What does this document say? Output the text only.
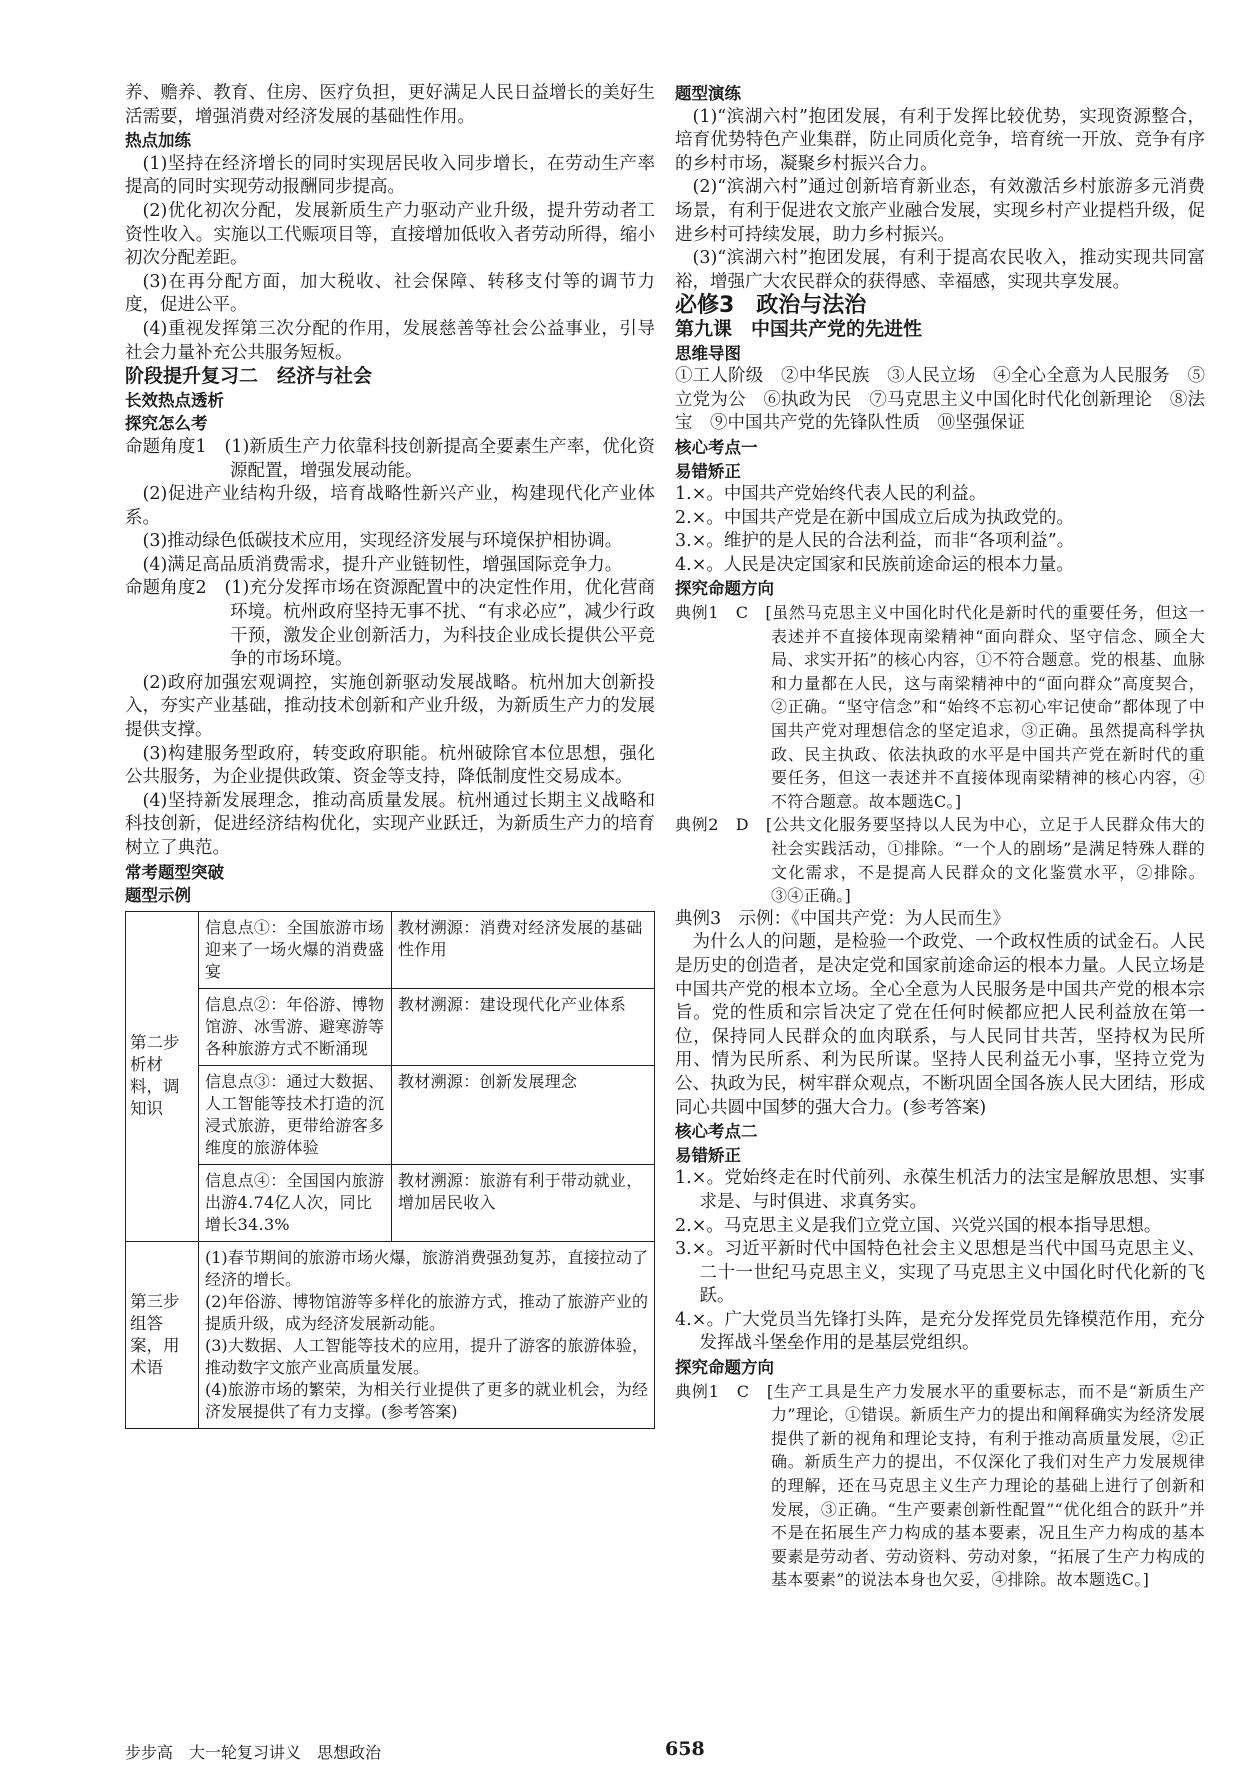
养、赡养、教育、住房、医疗负担，更好满足人民日益增长的美好生活需要，增强消费对经济发展的基础性作用。

热点加练

(1)坚持在经济增长的同时实现居民收入同步增长，在劳动生产率提高的同时实现劳动报酬同步提高。

(2)优化初次分配，发展新质生产力驱动产业升级，提升劳动者工资性收入。实施以工代赈项目等，直接增加低收入者劳动所得，缩小初次分配差距。

(3)在再分配方面，加大税收、社会保障、转移支付等的调节力度，促进公平。

(4)重视发挥第三次分配的作用，发展慈善等社会公益事业，引导社会力量补充公共服务短板。

阶段提升复习二　经济与社会

长效热点透析

探究怎么考

命题角度1　(1)新质生产力依靠科技创新提高全要素生产率，优化资源配置，增强发展动能。

(2)促进产业结构升级，培育战略性新兴产业，构建现代化产业体系。

(3)推动绿色低碳技术应用，实现经济发展与环境保护相协调。

(4)满足高品质消费需求，提升产业链韧性，增强国际竞争力。

命题角度2　(1)充分发挥市场在资源配置中的决定性作用，优化营商环境。杭州政府坚持无事不扰、“有求必应”，减少行政干预，激发企业创新活力，为科技企业成长提供公平竞争的市场环境。

(2)政府加强宏观调控，实施创新驱动发展战略。杭州加大创新投入，夯实产业基础，推动技术创新和产业升级，为新质生产力的发展提供支撑。

(3)构建服务型政府，转变政府职能。杭州破除官本位思想，强化公共服务，为企业提供政策、资金等支持，降低制度性交易成本。

(4)坚持新发展理念，推动高质量发展。杭州通过长期主义战略和科技创新，促进经济结构优化，实现产业跃迁，为新质生产力的培育树立了典范。

常考题型突破

题型示例

第二步析材料，调知识	信息点①：全国旅游市场迎来了一场火爆的消费盛宴	教材溯源：消费对经济发展的基础性作用
	信息点②：年俗游、博物馆游、冰雪游、避寒游等各种旅游方式不断涌现	教材溯源：建设现代化产业体系
	信息点③：通过大数据、人工智能等技术打造的沉浸式旅游，更带给游客多维度的旅游体验	教材溯源：创新发展理念
	信息点④：全国国内旅游出游4.74亿人次，同比增长34.3%	教材溯源：旅游有利于带动就业，增加居民收入
第三步组答案，用术语	(1)春节期间的旅游市场火爆，旅游消费强劲复苏，直接拉动了经济的增长。

(2)年俗游、博物馆游等多样化的旅游方式，推动了旅游产业的提质升级，成为经济发展新动能。

(3)大数据、人工智能等技术的应用，提升了游客的旅游体验，推动数字文旅产业高质量发展。

(4)旅游市场的繁荣，为相关行业提供了更多的就业机会，为经济发展提供了有力支撑。(参考答案)	

题型演练

(1)“滨湖六村”抱团发展，有利于发挥比较优势，实现资源整合，培育优势特色产业集群，防止同质化竞争，培育统一开放、竞争有序的乡村市场，凝聚乡村振兴合力。

(2)“滨湖六村”通过创新培育新业态，有效激活乡村旅游多元消费场景，有利于促进农文旅产业融合发展，实现乡村产业提档升级，促进乡村可持续发展，助力乡村振兴。

(3)“滨湖六村”抱团发展，有利于提高农民收入，推动实现共同富裕，增强广大农民群众的获得感、幸福感，实现共享发展。

必修3　政治与法治

第九课　中国共产党的先进性

思维导图

①工人阶级　②中华民族　③人民立场　④全心全意为人民服务　⑤立党为公　⑥执政为民　⑦马克思主义中国化时代化创新理论　⑧法宝　⑨中国共产党的先锋队性质　⑩坚强保证

核心考点一

易错矫正

1.×。中国共产党始终代表人民的利益。

2.×。中国共产党是在新中国成立后成为执政党的。

3.×。维护的是人民的合法利益，而非“各项利益”。

4.×。人民是决定国家和民族前途命运的根本力量。

探究命题方向

典例1　C　[虽然马克思主义中国化时代化是新时代的重要任务，但这一表述并不直接体现南梁精神“面向群众、坚守信念、顾全大局、求实开拓”的核心内容，①不符合题意。党的根基、血脉和力量都在人民，这与南梁精神中的“面向群众”高度契合，②正确。“坚守信念”和“始终不忘初心牢记使命”都体现了中国共产党对理想信念的坚定追求，③正确。虽然提高科学执政、民主执政、依法执政的水平是中国共产党在新时代的重要任务，但这一表述并不直接体现南梁精神的核心内容，④不符合题意。故本题选C。]

典例2　D　[公共文化服务要坚持以人民为中心，立足于人民群众伟大的社会实践活动，①排除。“一个人的剧场”是满足特殊人群的文化需求，不是提高人民群众的文化鉴赏水平，②排除。③④正确。]

典例3　示例：《中国共产党：为人民而生》

为什么人的问题，是检验一个政党、一个政权性质的试金石。人民是历史的创造者，是决定党和国家前途命运的根本力量。人民立场是中国共产党的根本立场。全心全意为人民服务是中国共产党的根本宗旨。党的性质和宗旨决定了党在任何时候都应把人民利益放在第一位，保持同人民群众的血肉联系，与人民同甘共苦，坚持权为民所用、情为民所系、利为民所谋。坚持人民利益无小事，坚持立党为公、执政为民，树牢群众观点，不断巩固全国各族人民大团结，形成同心共圆中国梦的强大合力。(参考答案)

核心考点二

易错矫正

1.×。党始终走在时代前列、永葆生机活力的法宝是解放思想、实事求是、与时俱进、求真务实。

2.×。马克思主义是我们立党立国、兴党兴国的根本指导思想。

3.×。习近平新时代中国特色社会主义思想是当代中国马克思主义、二十一世纪马克思主义，实现了马克思主义中国化时代化新的飞跃。

4.×。广大党员当先锋打头阵，是充分发挥党员先锋模范作用，充分发挥战斗堡垒作用的是基层党组织。

探究命题方向

典例1　C　[生产工具是生产力发展水平的重要标志，而不是“新质生产力”理论，①错误。新质生产力的提出和阐释确实为经济发展提供了新的视角和理论支持，有利于推动高质量发展，②正确。新质生产力的提出，不仅深化了我们对生产力发展规律的理解，还在马克思主义生产力理论的基础上进行了创新和发展，③正确。“生产要素创新性配置”“优化组合的跃升”并不是在拓展生产力构成的基本要素，况且生产力构成的基本要素是劳动者、劳动资料、劳动对象，“拓展了生产力构成的基本要素”的说法本身也欠妥，④排除。故本题选C。]

步步高　大一轮复习讲义　思想政治	658
